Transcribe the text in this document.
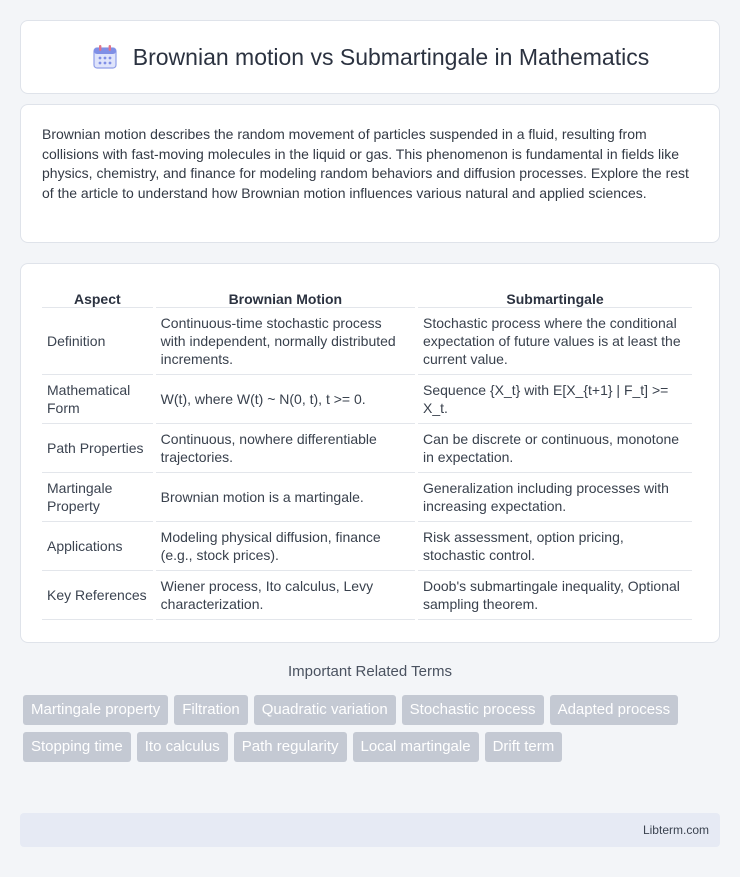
Brownian motion vs Submartingale in Mathematics

Brownian motion describes the random movement of particles suspended in a fluid, resulting from collisions with fast-moving molecules in the liquid or gas. This phenomenon is fundamental in fields like physics, chemistry, and finance for modeling random behaviors and diffusion processes. Explore the rest of the article to understand how Brownian motion influences various natural and applied sciences.

Aspect	Brownian Motion	Submartingale
Definition	Continuous-time stochastic process with independent, normally distributed increments.	Stochastic process where the conditional expectation of future values is at least the current value.
Mathematical Form	W(t), where W(t) ~ N(0, t), t >= 0.	Sequence {X_t} with E[X_{t+1} | F_t] >= X_t.
Path Properties	Continuous, nowhere differentiable trajectories.	Can be discrete or continuous, monotone in expectation.
Martingale Property	Brownian motion is a martingale.	Generalization including processes with increasing expectation.
Applications	Modeling physical diffusion, finance (e.g., stock prices).	Risk assessment, option pricing, stochastic control.
Key References	Wiener process, Ito calculus, Levy characterization.	Doob's submartingale inequality, Optional sampling theorem.
Important Related Terms
Martingale property	Filtration	Quadratic variation	Stochastic process	Adapted process
Stopping time	Ito calculus	Path regularity	Local martingale	Drift term
Libterm.com
